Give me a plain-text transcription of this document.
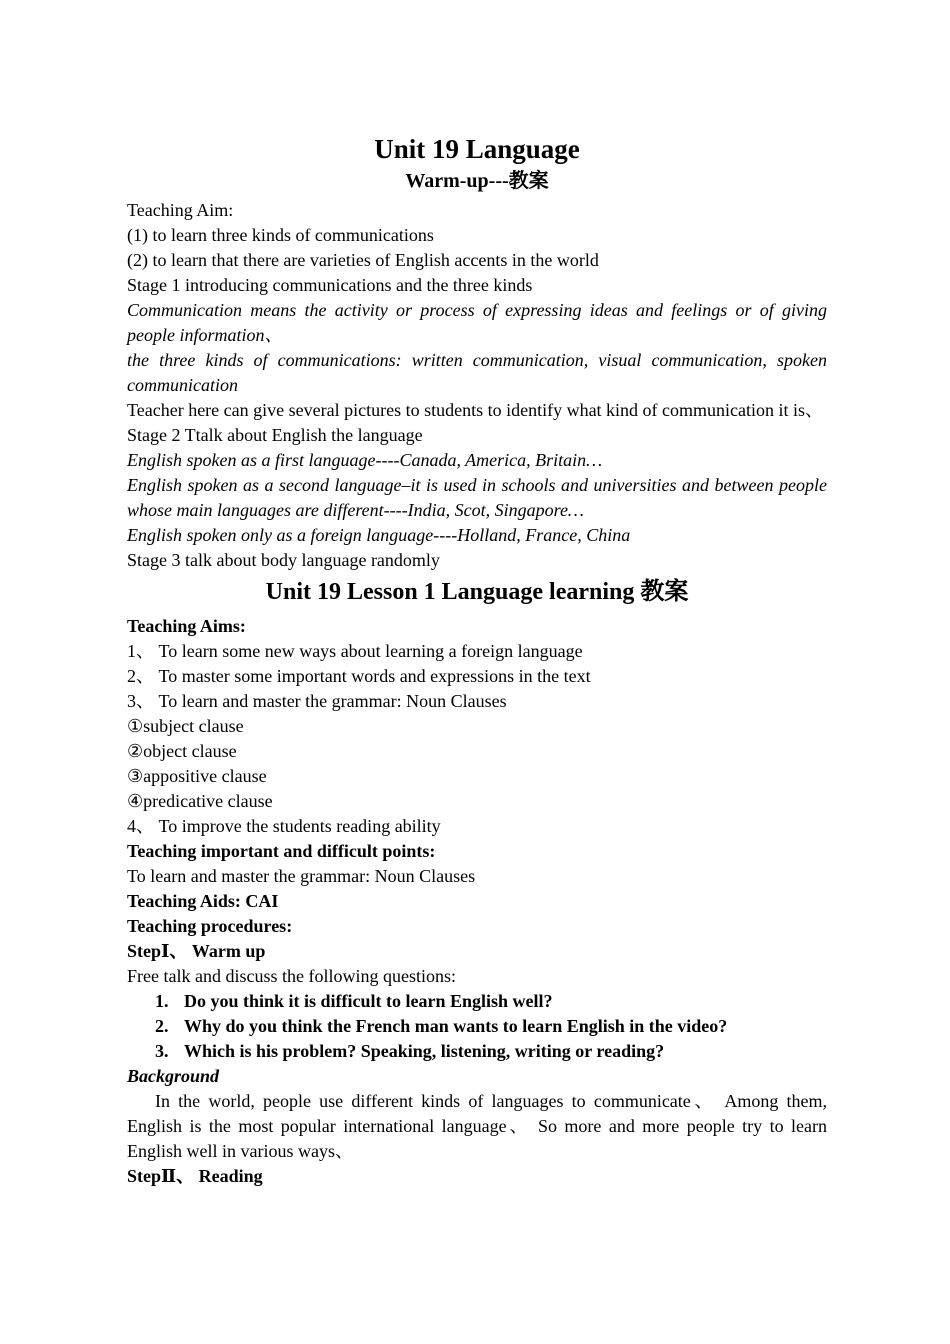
Unit 19 Language
Warm-up---教案
Teaching Aim:
(1) to learn three kinds of communications
(2) to learn that there are varieties of English accents in the world
Stage 1 introducing communications and the three kinds
Communication means the activity or process of expressing ideas and feelings or of giving people information、
the three kinds of communications: written communication, visual communication, spoken communication
Teacher here can give several pictures to students to identify what kind of communication it is、
Stage 2 Ttalk about English the language
English spoken as a first language----Canada, America, Britain…
English spoken as a second language–it is used in schools and universities and between people whose main languages are different----India, Scot, Singapore…
English spoken only as a foreign language----Holland, France, China
Stage 3 talk about body language randomly
Unit 19 Lesson 1 Language learning 教案
Teaching Aims:
1、 To learn some new ways about learning a foreign language
2、 To master some important words and expressions in the text
3、 To learn and master the grammar: Noun Clauses
①subject clause
②object clause
③appositive clause
④predicative clause
4、 To improve the students reading ability
Teaching important and difficult points:
To learn and master the grammar: Noun Clauses
Teaching Aids: CAI
Teaching procedures:
StepⅠ、 Warm up
Free talk and discuss the following questions:
1. Do you think it is difficult to learn English well?
2. Why do you think the French man wants to learn English in the video?
3. Which is his problem? Speaking, listening, writing or reading?
Background
In the world, people use different kinds of languages to communicate、 Among them, English is the most popular international language、 So more and more people try to learn English well in various ways、
StepⅡ、 Reading
